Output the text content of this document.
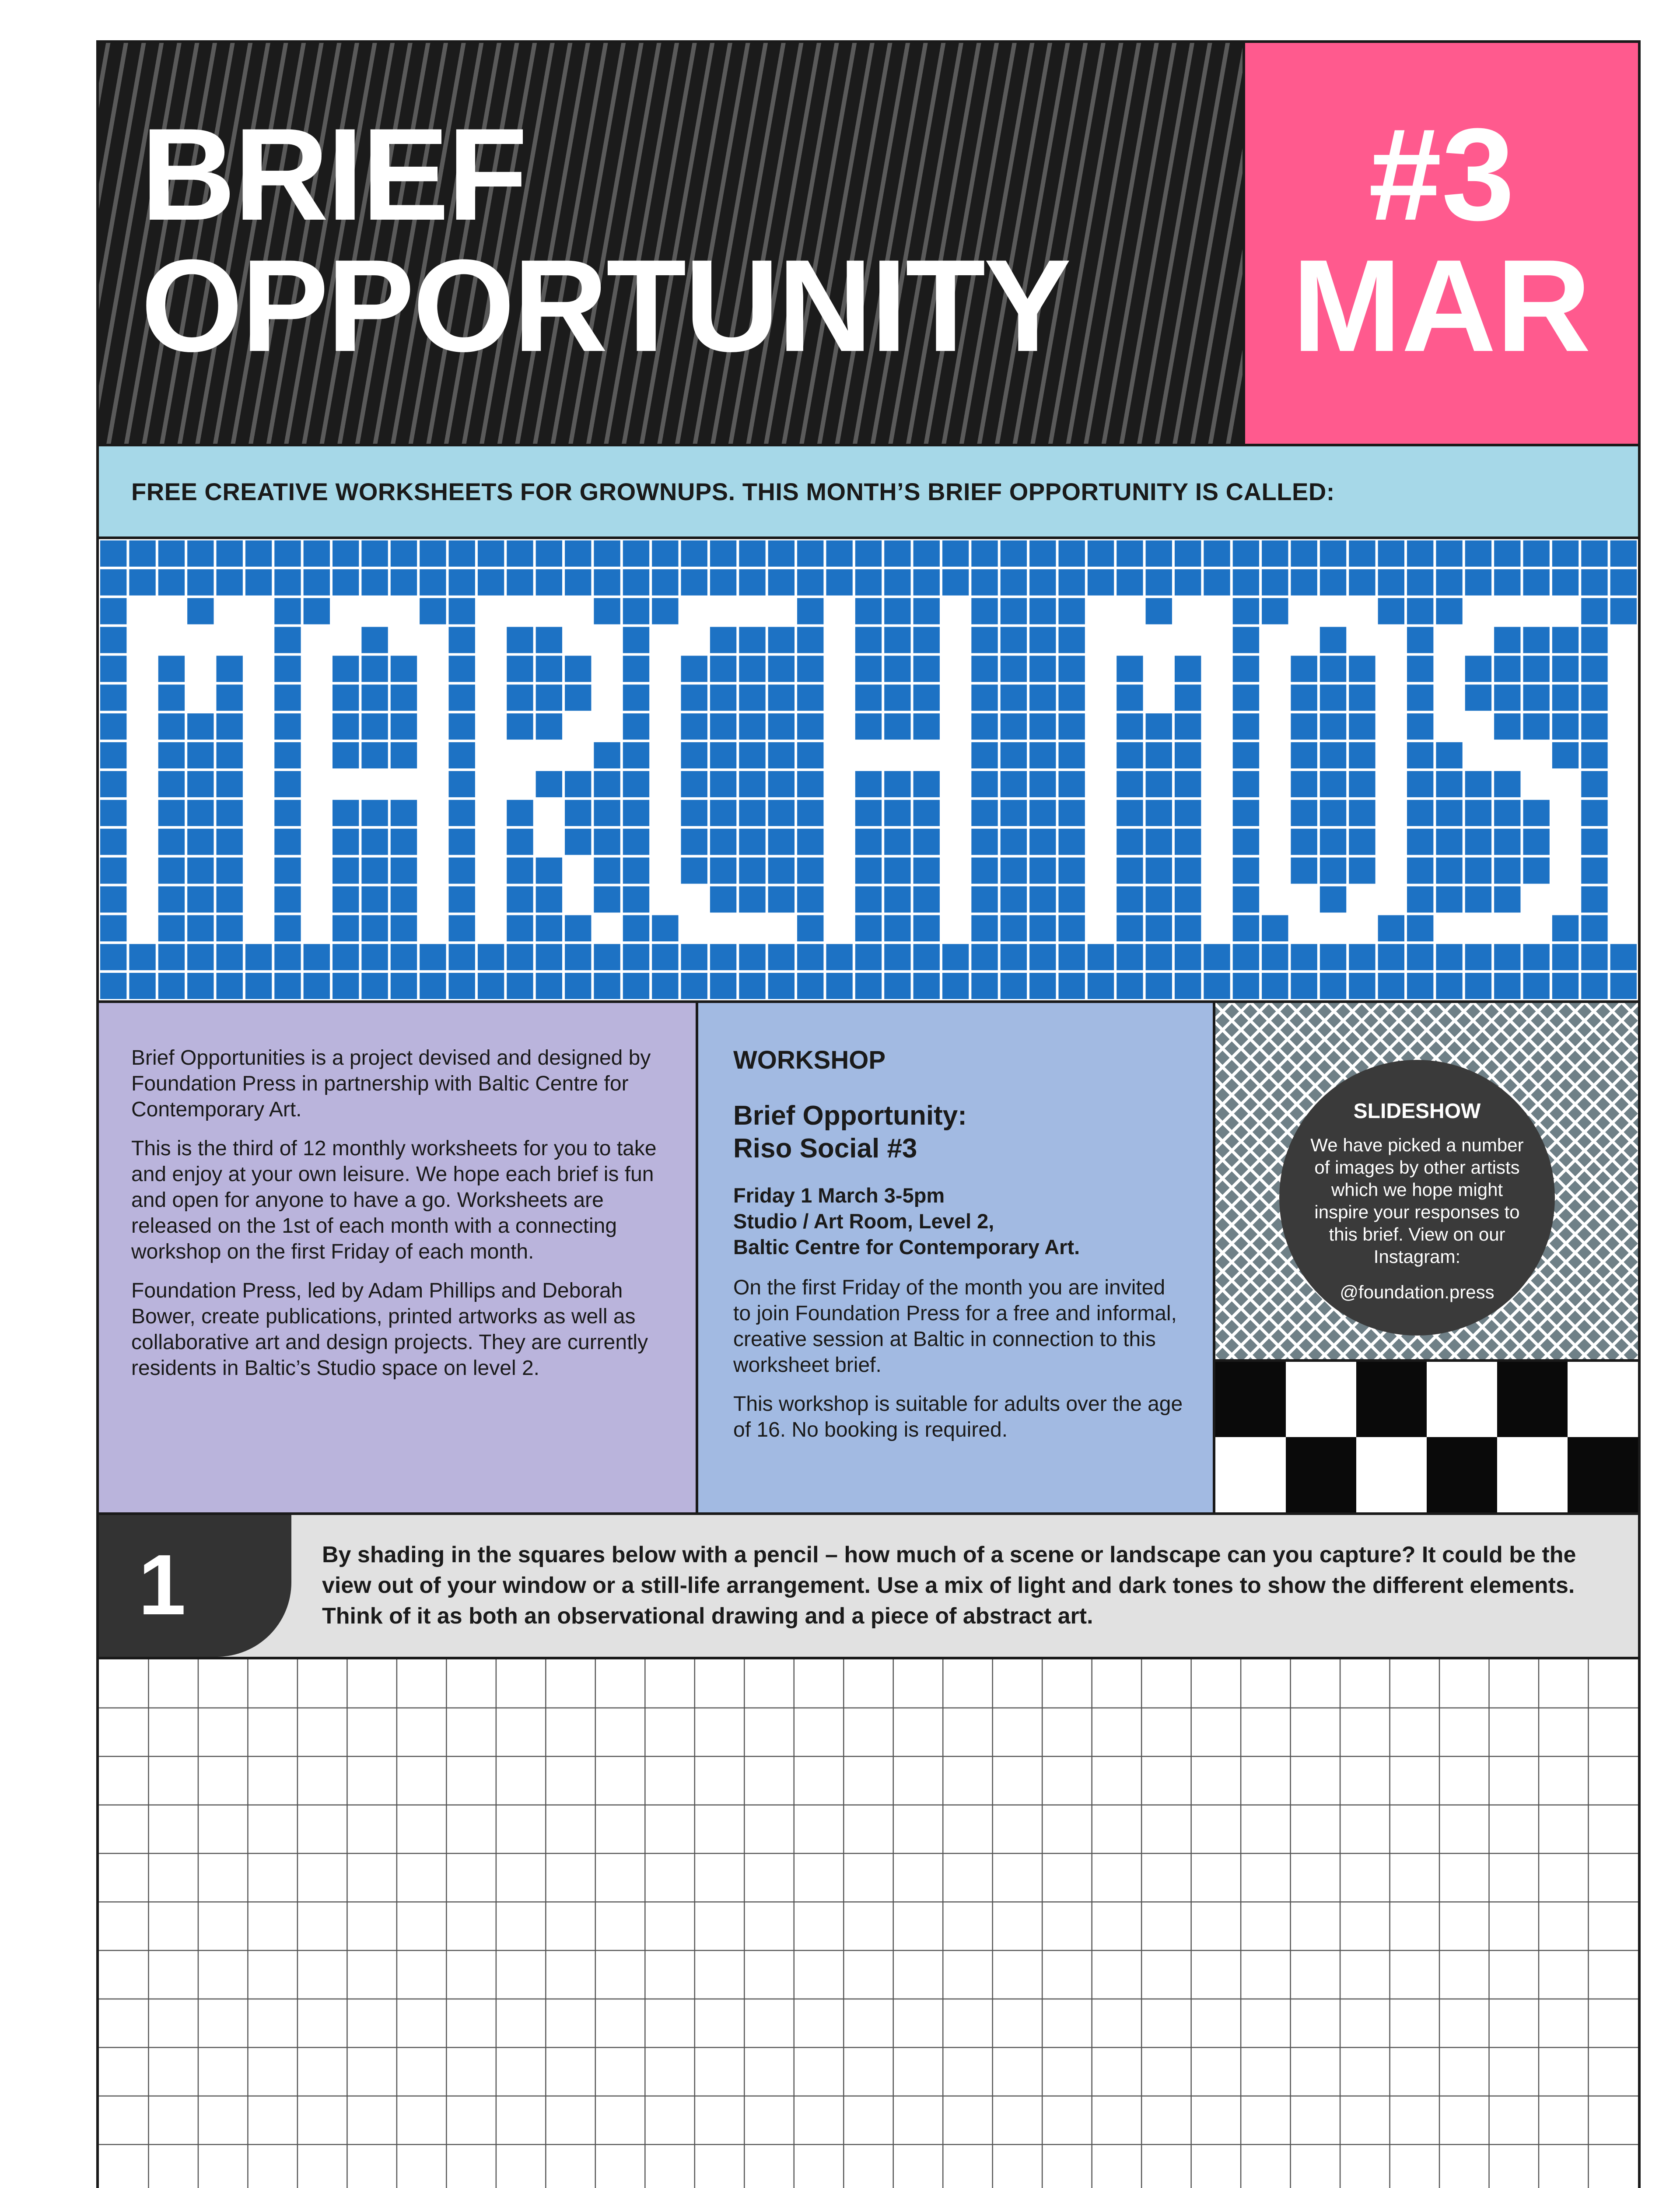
BRIEF
OPPORTUNITY
#3
MAR
FREE CREATIVE WORKSHEETS FOR GROWNUPS. THIS MONTH’S BRIEF OPPORTUNITY IS CALLED:

Brief Opportunities is a project devised and designed by Foundation Press in partnership with Baltic Centre for Contemporary Art.

This is the third of 12 monthly worksheets for you to take and enjoy at your own leisure. We hope each brief is fun and open for anyone to have a go. Worksheets are released on the 1st of each month with a connecting workshop on the first Friday of each month.

Foundation Press, led by Adam Phillips and Deborah Bower, create publications, printed artworks as well as collaborative art and design projects. They are currently residents in Baltic’s Studio space on level 2.

WORKSHOP

Brief Opportunity:
Riso Social #3

Friday 1 March 3-5pm
Studio / Art Room, Level 2,
Baltic Centre for Contemporary Art.

On the first Friday of the month you are invited to join Foundation Press for a free and informal, creative session at Baltic in connection to this worksheet brief.

This workshop is suitable for adults over the age of 16. No booking is required.

SLIDESHOW
We have picked a number of images by other artists which we hope might inspire your responses to this brief. View on our Instagram:
@foundation.press
1	By shading in the squares below with a pencil – how much of a scene or landscape can you capture? It could be the view out of your window or a still-life arrangement. Use a mix of light and dark tones to show the different elements. Think of it as both an observational drawing and a piece of abstract art.
